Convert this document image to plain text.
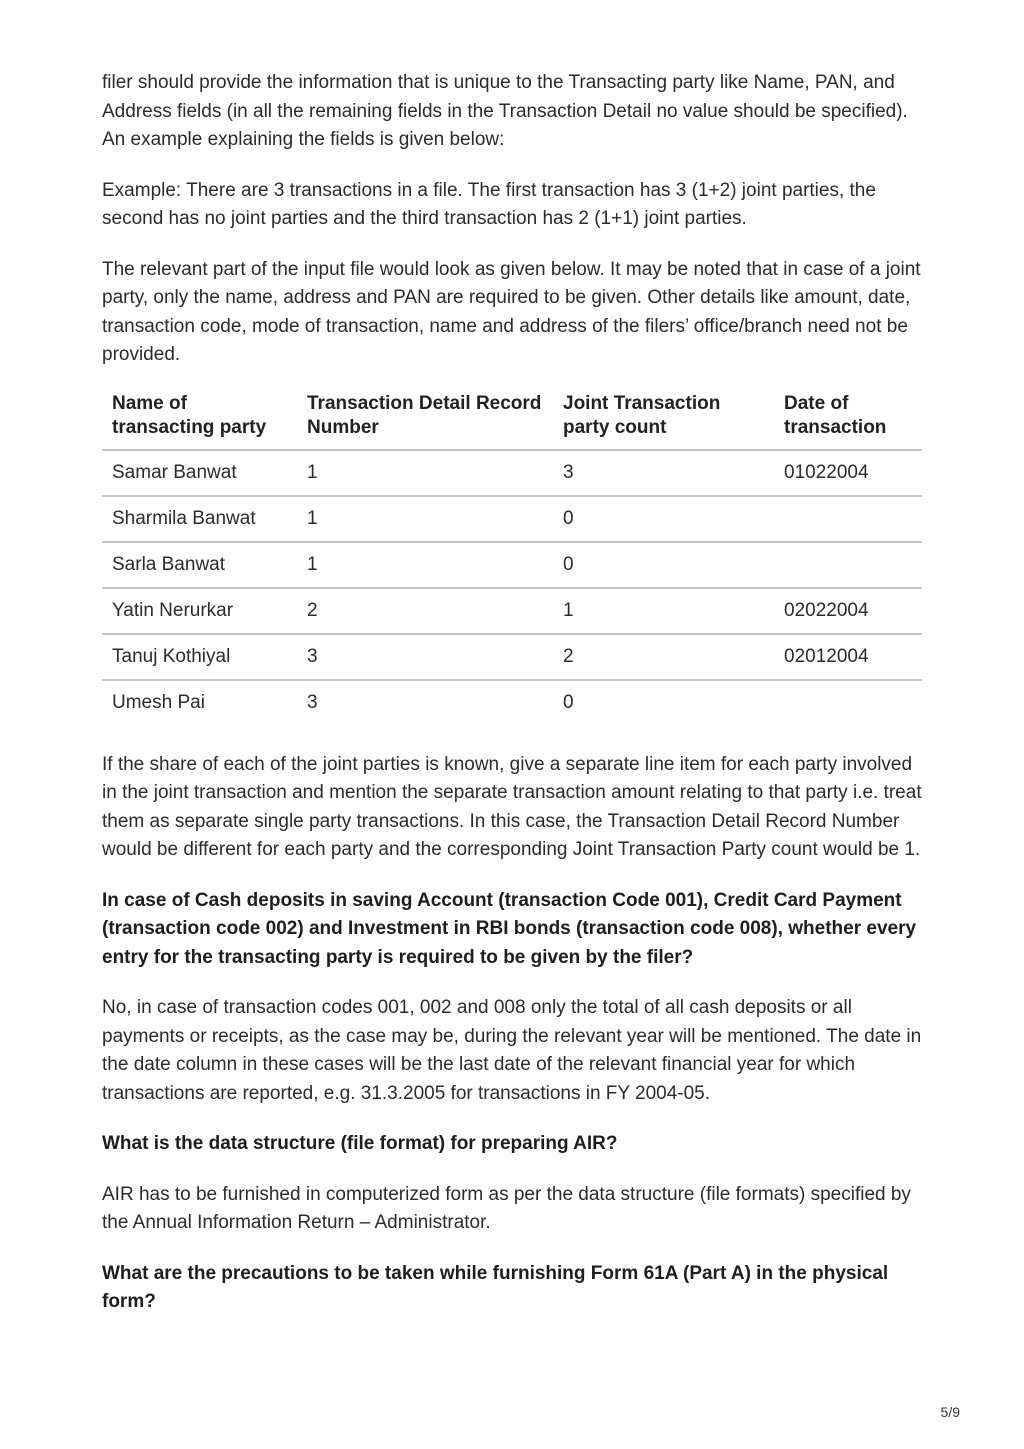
filer should provide the information that is unique to the Transacting party like Name, PAN, and Address fields (in all the remaining fields in the Transaction Detail no value should be specified). An example explaining the fields is given below:

Example: There are 3 transactions in a file. The first transaction has 3 (1+2) joint parties, the second has no joint parties and the third transaction has 2 (1+1) joint parties.

The relevant part of the input file would look as given below. It may be noted that in case of a joint party, only the name, address and PAN are required to be given. Other details like amount, date, transaction code, mode of transaction, name and address of the filers’ office/branch need not be provided.

Name of transacting party	Transaction Detail Record Number	Joint Transaction party count	Date of transaction
Samar Banwat	1	3	01022004
Sharmila Banwat	1	0	
Sarla Banwat	1	0	
Yatin Nerurkar	2	1	02022004
Tanuj Kothiyal	3	2	02012004
Umesh Pai	3	0	

If the share of each of the joint parties is known, give a separate line item for each party involved in the joint transaction and mention the separate transaction amount relating to that party i.e. treat them as separate single party transactions. In this case, the Transaction Detail Record Number would be different for each party and the corresponding Joint Transaction Party count would be 1.

In case of Cash deposits in saving Account (transaction Code 001), Credit Card Payment (transaction code 002) and Investment in RBI bonds (transaction code 008), whether every entry for the transacting party is required to be given by the filer?

No, in case of transaction codes 001, 002 and 008 only the total of all cash deposits or all payments or receipts, as the case may be, during the relevant year will be mentioned. The date in the date column in these cases will be the last date of the relevant financial year for which transactions are reported, e.g. 31.3.2005 for transactions in FY 2004-05.

What is the data structure (file format) for preparing AIR?

AIR has to be furnished in computerized form as per the data structure (file formats) specified by the Annual Information Return – Administrator.

What are the precautions to be taken while furnishing Form 61A (Part A) in the physical form?

5/9
